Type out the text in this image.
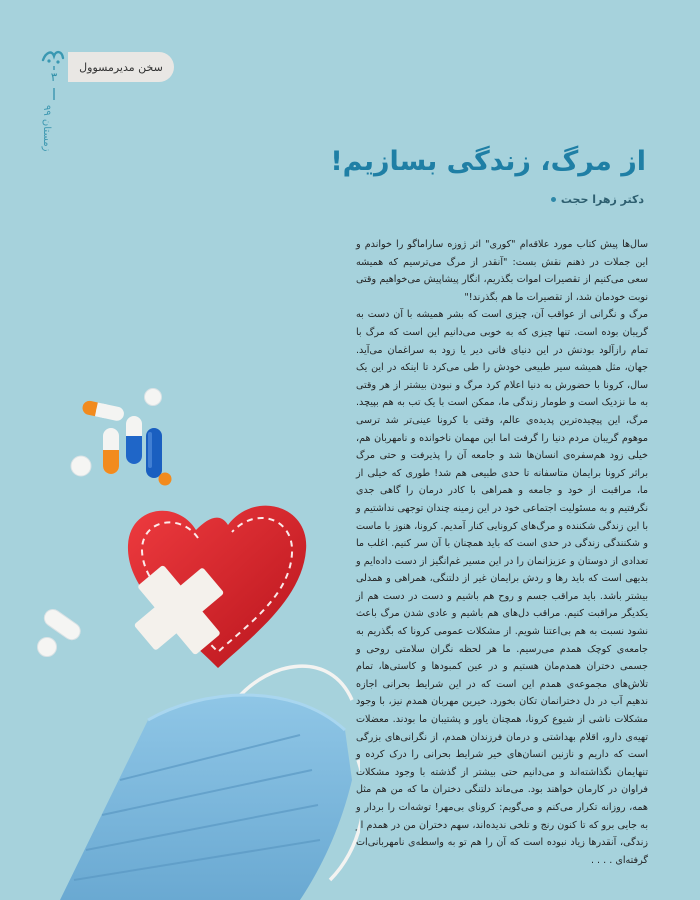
۳
زمستان ۹۹
سخن مدیرمسوول
از مرگ، زندگی بسازیم!
دکتر زهرا حجت

سال‌ها پیش کتاب مورد علاقه‌ام "کوری" اثر ژوزه ساراماگو را خواندم و این جملات در ذهنم نقش بست: "آنقدر از مرگ می‌ترسیم که همیشه سعی می‌کنیم از تقصیرات اموات بگذریم، انگار پیشاپیش می‌خواهیم وقتی نوبت خودمان شد، از تقصیرات ما هم بگذرند!"

مرگ و نگرانی از عواقب آن، چیزی است که بشر همیشه با آن دست به گریبان بوده است. تنها چیزی که به خوبی می‌دانیم این است که مرگ با تمام رازآلود بودنش در این دنیای فانی دیر یا زود به سراغمان می‌آید. جهان، مثل همیشه سیر طبیعی خودش را طی می‌کرد تا اینکه در این یک سال، کرونا با حضورش به دنیا اعلام کرد مرگ و نبودن بیشتر از هر وقتی به ما نزدیک است و طومار زندگی ما، ممکن است با یک تب به هم بپیچد. مرگ، این پیچیده‌ترین پدیده‌ی عالم، وقتی با کرونا عینی‌تر شد ترسی موهوم گریبان مردم دنیا را گرفت اما این مهمان ناخوانده و نامهربان هم، خیلی زود هم‌سفره‌ی انسان‌ها شد و جامعه آن را پذیرفت و حتی مرگ برا‌ثر کرونا برایمان متاسفانه تا حدی طبیعی هم شد! طوری که خیلی از ما، مراقبت از خود و جامعه و همراهی با کادر درمان را گاهی جدی نگرفتیم و به مسئولیت اجتماعی خود در این زمینه چندان توجهی نداشتیم و با این زندگی شکننده و مرگ‌های کرونایی کنار آمدیم. کرونا، هنوز با ماست و شکنندگی زندگی در حدی است که باید همچنان با آن سر کنیم. اغلب ما تعدادی از دوستان و عزیزانمان را در این مسیر غم‌انگیز از دست داده‌ایم و بدیهی است که باید رها و ردش برایمان غیر از دلتنگی، همراهی و همدلی بیشتر باشد. باید مراقب جسم و روح هم باشیم و دست در دست هم از یکدیگر مراقبت کنیم. مراقب دل‌های هم باشیم و عادی شدن مرگ باعث نشود نسبت به هم بی‌اعتنا شویم. از مشکلات عمومی کرونا که بگذریم به جامعه‌ی کوچک همدم می‌رسیم. ما هر لحظه نگران سلامتی روحی و جسمی دختران همدم‌مان هستیم و در عین کمبودها و کاستی‌ها، تمام تلاش‌های مجموعه‌ی همدم این است که در این شرایط بحرانی اجازه ندهیم آب در دل دخترانمان تکان بخورد. خیرین مهربان همدم نیز، با وجود مشکلات ناشی از شیوع کرونا، همچنان یاور و پشتیبان ما بودند. معضلات تهیه‌ی دارو، اقلام بهداشتی و درمان فرزندان همدم، از نگرانی‌های بزرگی است که داریم و نازنین انسان‌های خیر شرایط بحرانی را درک کرده و تنهایمان نگذاشته‌اند و می‌دانیم حتی بیشتر از گذشته با وجود مشکلات فراوان در کارمان خواهند بود. می‌ماند دلتنگی دختران ما که من هم مثل همه، روزانه تکرار می‌کنم و می‌گویم: کرونای بی‌مهر! توشه‌ات را بردار و به جایی برو که تا کنون رنج و تلخی ندیده‌اند، سهم دختران من در همدم از زندگی، آنقدر‌ها زیاد نبوده است که آن را هم تو به واسطه‌ی نامهربانی‌ات گرفته‌ای . . . .
